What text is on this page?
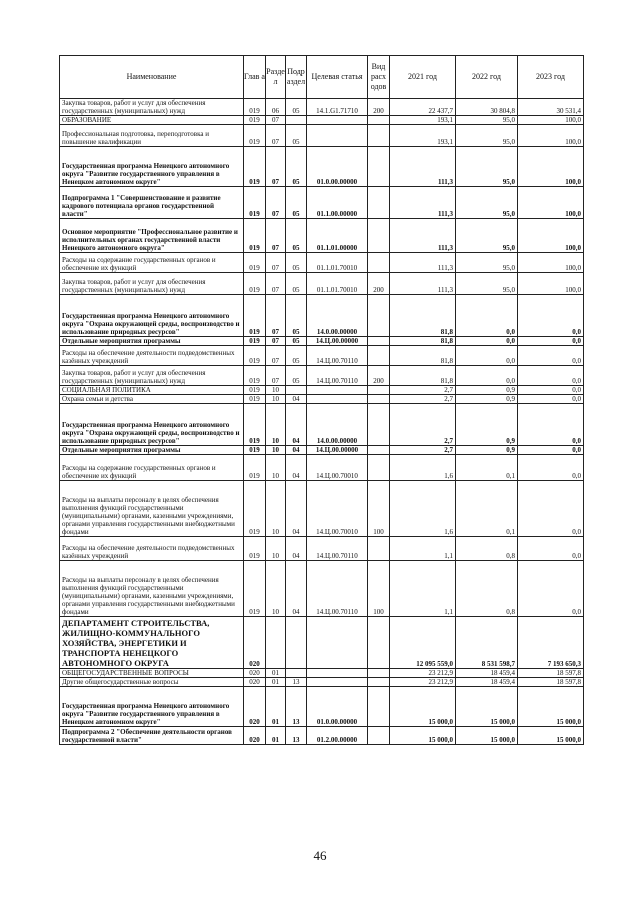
Наименование	Глав а	Разде л	Подр аздел	Целевая статья	Вид расх одов	2021 год	2022 год	2023 год
Закупка товаров, работ и услуг для обеспечения государственных (муниципальных) нужд	019	06	05	14.1.G1.71710	200	22 437,7	30 804,8	30 531,4
ОБРАЗОВАНИЕ	019	07				193,1	95,0	100,0
Профессиональная подготовка, переподготовка и повышение квалификации	019	07	05			193,1	95,0	100,0
Государственная программа Ненецкого автономного округа "Развитие государственного управления в Ненецком автономном округе"	019	07	05	01.0.00.00000		111,3	95,0	100,0
Подпрограмма 1 "Совершенствование и развитие кадрового потенциала органов государственной власти"	019	07	05	01.1.00.00000		111,3	95,0	100,0
Основное мероприятие "Профессиональное развитие и исполнительных органах государственной власти Ненецкого автономного округа"	019	07	05	01.1.01.00000		111,3	95,0	100,0
Расходы на содержание государственных органов и обеспечение их функций	019	07	05	01.1.01.70010		111,3	95,0	100,0
Закупка товаров, работ и услуг для обеспечения государственных (муниципальных) нужд	019	07	05	01.1.01.70010	200	111,3	95,0	100,0
Государственная программа Ненецкого автономного округа "Охрана окружающей среды, воспроизводство и использование природных ресурсов"	019	07	05	14.0.00.00000		81,8	0,0	0,0
Отдельные мероприятия программы	019	07	05	14.Ц.00.00000		81,8	0,0	0,0
Расходы на обеспечение деятельности подведомственных казённых учреждений	019	07	05	14.Ц.00.70110		81,8	0,0	0,0
Закупка товаров, работ и услуг для обеспечения государственных (муниципальных) нужд	019	07	05	14.Ц.00.70110	200	81,8	0,0	0,0
СОЦИАЛЬНАЯ ПОЛИТИКА	019	10				2,7	0,9	0,0
Охрана семьи и детства	019	10	04			2,7	0,9	0,0
Государственная программа Ненецкого автономного округа "Охрана окружающей среды, воспроизводство и использование природных ресурсов"	019	10	04	14.0.00.00000		2,7	0,9	0,0
Отдельные мероприятия программы	019	10	04	14.Ц.00.00000		2,7	0,9	0,0
Расходы на содержание государственных органов и обеспечение их функций	019	10	04	14.Ц.00.70010		1,6	0,1	0,0
Расходы на выплаты персоналу в целях обеспечения выполнения функций государственными (муниципальными) органами, казенными учреждениями, органами управления государственными внебюджетными фондами	019	10	04	14.Ц.00.70010	100	1,6	0,1	0,0
Расходы на обеспечение деятельности подведомственных казённых учреждений	019	10	04	14.Ц.00.70110		1,1	0,8	0,0
Расходы на выплаты персоналу в целях обеспечения выполнения функций государственными (муниципальными) органами, казенными учреждениями, органами управления государственными внебюджетными фондами	019	10	04	14.Ц.00.70110	100	1,1	0,8	0,0
ДЕПАРТАМЕНТ СТРОИТЕЛЬСТВА, ЖИЛИЩНО-КОММУНАЛЬНОГО ХОЗЯЙСТВА, ЭНЕРГЕТИКИ И ТРАНСПОРТА НЕНЕЦКОГО АВТОНОМНОГО ОКРУГА	020					12 095 559,0	8 531 598,7	7 193 650,3
ОБЩЕГОСУДАРСТВЕННЫЕ ВОПРОСЫ	020	01				23 212,9	18 459,4	18 597,8
Другие общегосударственные вопросы	020	01	13			23 212,9	18 459,4	18 597,8
Государственная программа Ненецкого автономного округа "Развитие государственного управления в Ненецком автономном округе"	020	01	13	01.0.00.00000		15 000,0	15 000,0	15 000,0
Подпрограмма 2 "Обеспечение деятельности органов государственной власти"	020	01	13	01.2.00.00000		15 000,0	15 000,0	15 000,0
46
